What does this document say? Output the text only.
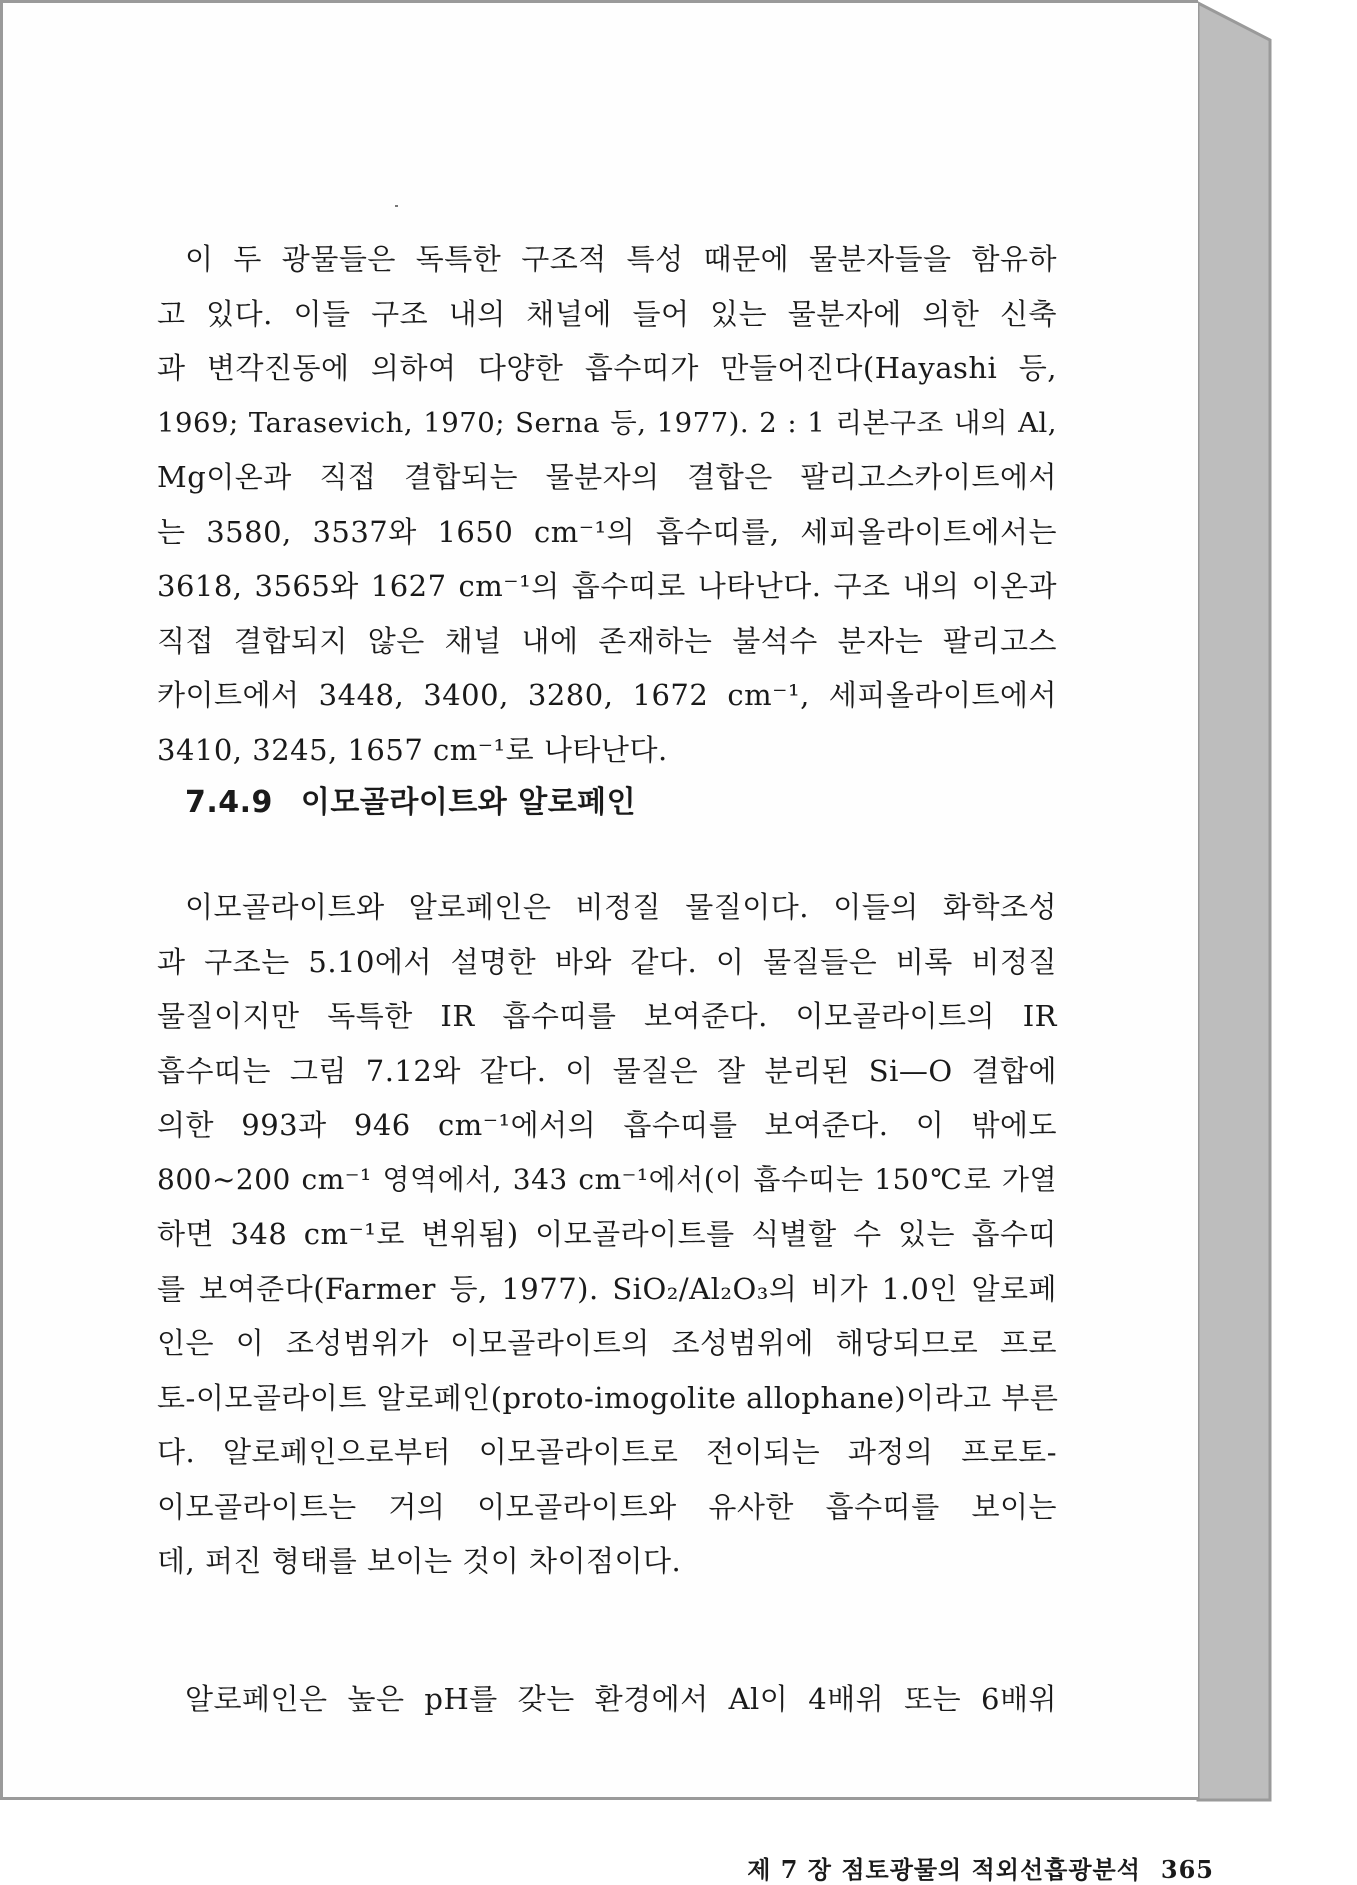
이 두 광물들은 독특한 구조적 특성 때문에 물분자들을 함유하
고 있다. 이들 구조 내의 채널에 들어 있는 물분자에 의한 신축
과 변각진동에 의하여 다양한 흡수띠가 만들어진다(Hayashi 등,
1969; Tarasevich, 1970; Serna 등, 1977). 2 : 1 리본구조 내의 Al,
Mg이온과 직접 결합되는 물분자의 결합은 팔리고스카이트에서
는 3580, 3537와 1650 cm⁻¹의 흡수띠를, 세피올라이트에서는
3618, 3565와 1627 cm⁻¹의 흡수띠로 나타난다. 구조 내의 이온과
직접 결합되지 않은 채널 내에 존재하는 불석수 분자는 팔리고스
카이트에서 3448, 3400, 3280, 1672 cm⁻¹, 세피올라이트에서
3410, 3245, 1657 cm⁻¹로 나타난다.
7.4.9 이모골라이트와 알로페인
이모골라이트와 알로페인은 비정질 물질이다. 이들의 화학조성
과 구조는 5.10에서 설명한 바와 같다. 이 물질들은 비록 비정질
물질이지만 독특한 IR 흡수띠를 보여준다. 이모골라이트의 IR
흡수띠는 그림 7.12와 같다. 이 물질은 잘 분리된 Si—O 결합에
의한 993과 946 cm⁻¹에서의 흡수띠를 보여준다. 이 밖에도
800~200 cm⁻¹ 영역에서, 343 cm⁻¹에서(이 흡수띠는 150℃로 가열
하면 348 cm⁻¹로 변위됨) 이모골라이트를 식별할 수 있는 흡수띠
를 보여준다(Farmer 등, 1977). SiO₂/Al₂O₃의 비가 1.0인 알로페
인은 이 조성범위가 이모골라이트의 조성범위에 해당되므로 프로
토-이모골라이트 알로페인(proto-imogolite allophane)이라고 부른
다. 알로페인으로부터 이모골라이트로 전이되는 과정의 프로토-
이모골라이트는 거의 이모골라이트와 유사한 흡수띠를 보이는
데, 퍼진 형태를 보이는 것이 차이점이다.
알로페인은 높은 pH를 갖는 환경에서 Al이 4배위 또는 6배위
제 7 장 점토광물의 적외선흡광분석 365
